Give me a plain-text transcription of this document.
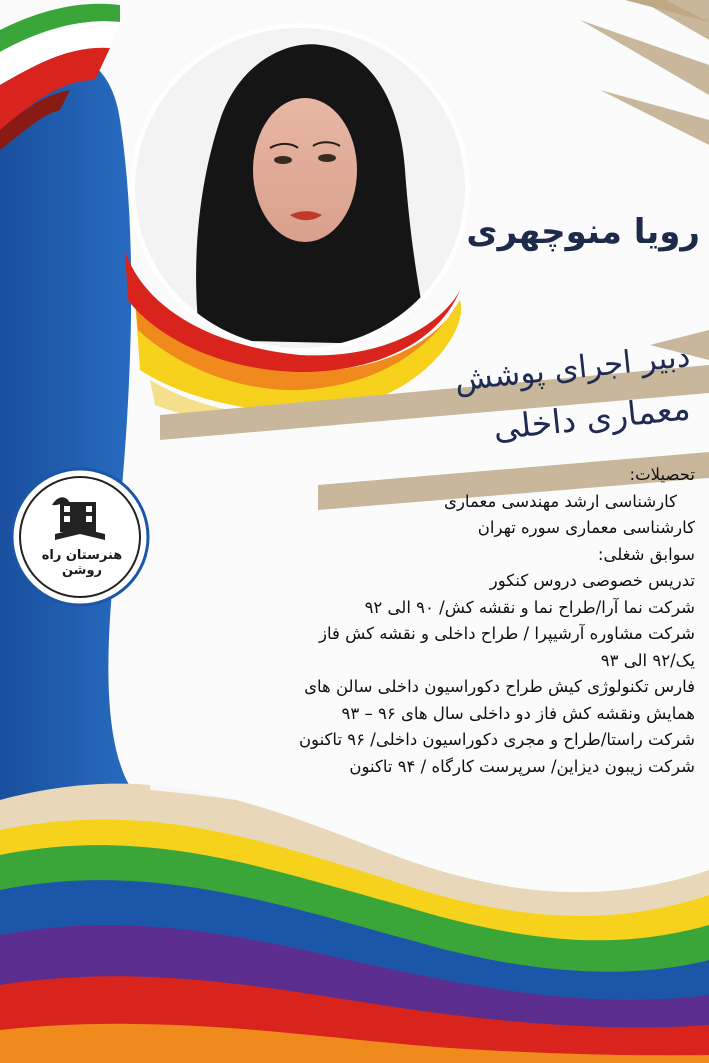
رویا منوچهری
دبیر اجرای پوشش
معماری داخلی
هنرستان راه روشن
تحصیلات:
کارشناسی ارشد مهندسی معماری
کارشناسی معماری سوره تهران
سوابق شغلی:
تدریس خصوصی دروس کنکور
شرکت نما آرا/طراح نما و نقشه کش/ ۹۰ الی ۹۲
شرکت مشاوره آرشیپرا / طراح داخلی و نقشه کش فاز
یک/۹۲ الی ۹۳
فارس تکنولوژی کیش طراح دکوراسیون داخلی سالن های
همایش ونقشه کش فاز دو داخلی سال های ۹۶ – ۹۳
شرکت راستا/طراح و مجری دکوراسیون داخلی/ ۹۶ تاکنون
شرکت زیبون دیزاین/ سرپرست کارگاه / ۹۴ تاکنون
